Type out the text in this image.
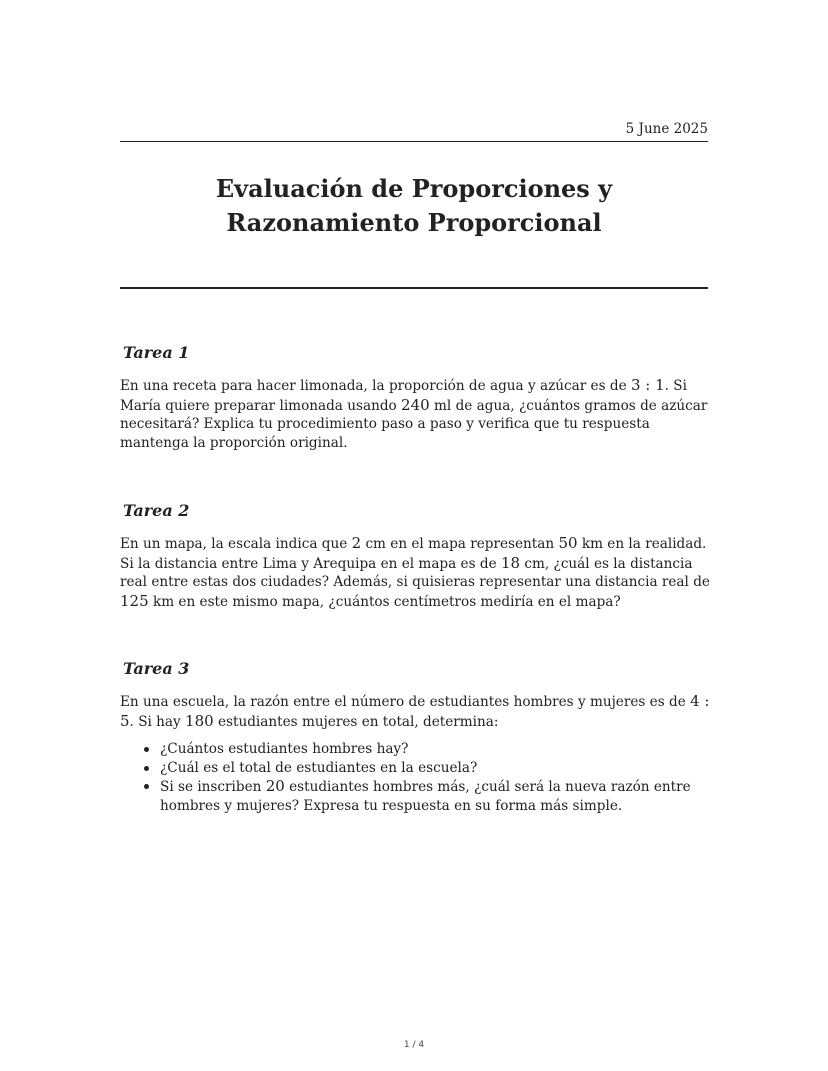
5 June 2025
Evaluación de Proporciones y Razonamiento Proporcional
Tarea 1

En una receta para hacer limonada, la proporción de agua y azúcar es de 3 : 1. Si María quiere preparar limonada usando 240 ml de agua, ¿cuántos gramos de azúcar necesitará? Explica tu procedimiento paso a paso y verifica que tu respuesta mantenga la proporción original.

Tarea 2

En un mapa, la escala indica que 2 cm en el mapa representan 50 km en la realidad. Si la distancia entre Lima y Arequipa en el mapa es de 18 cm, ¿cuál es la distancia real entre estas dos ciudades? Además, si quisieras representar una distancia real de 125 km en este mismo mapa, ¿cuántos centímetros mediría en el mapa?

Tarea 3

En una escuela, la razón entre el número de estudiantes hombres y mujeres es de 4 : 5. Si hay 180 estudiantes mujeres en total, determina:

¿Cuántos estudiantes hombres hay?
¿Cuál es el total de estudiantes en la escuela?
Si se inscriben 20 estudiantes hombres más, ¿cuál será la nueva razón entre hombres y mujeres? Expresa tu respuesta en su forma más simple.
1 / 4
